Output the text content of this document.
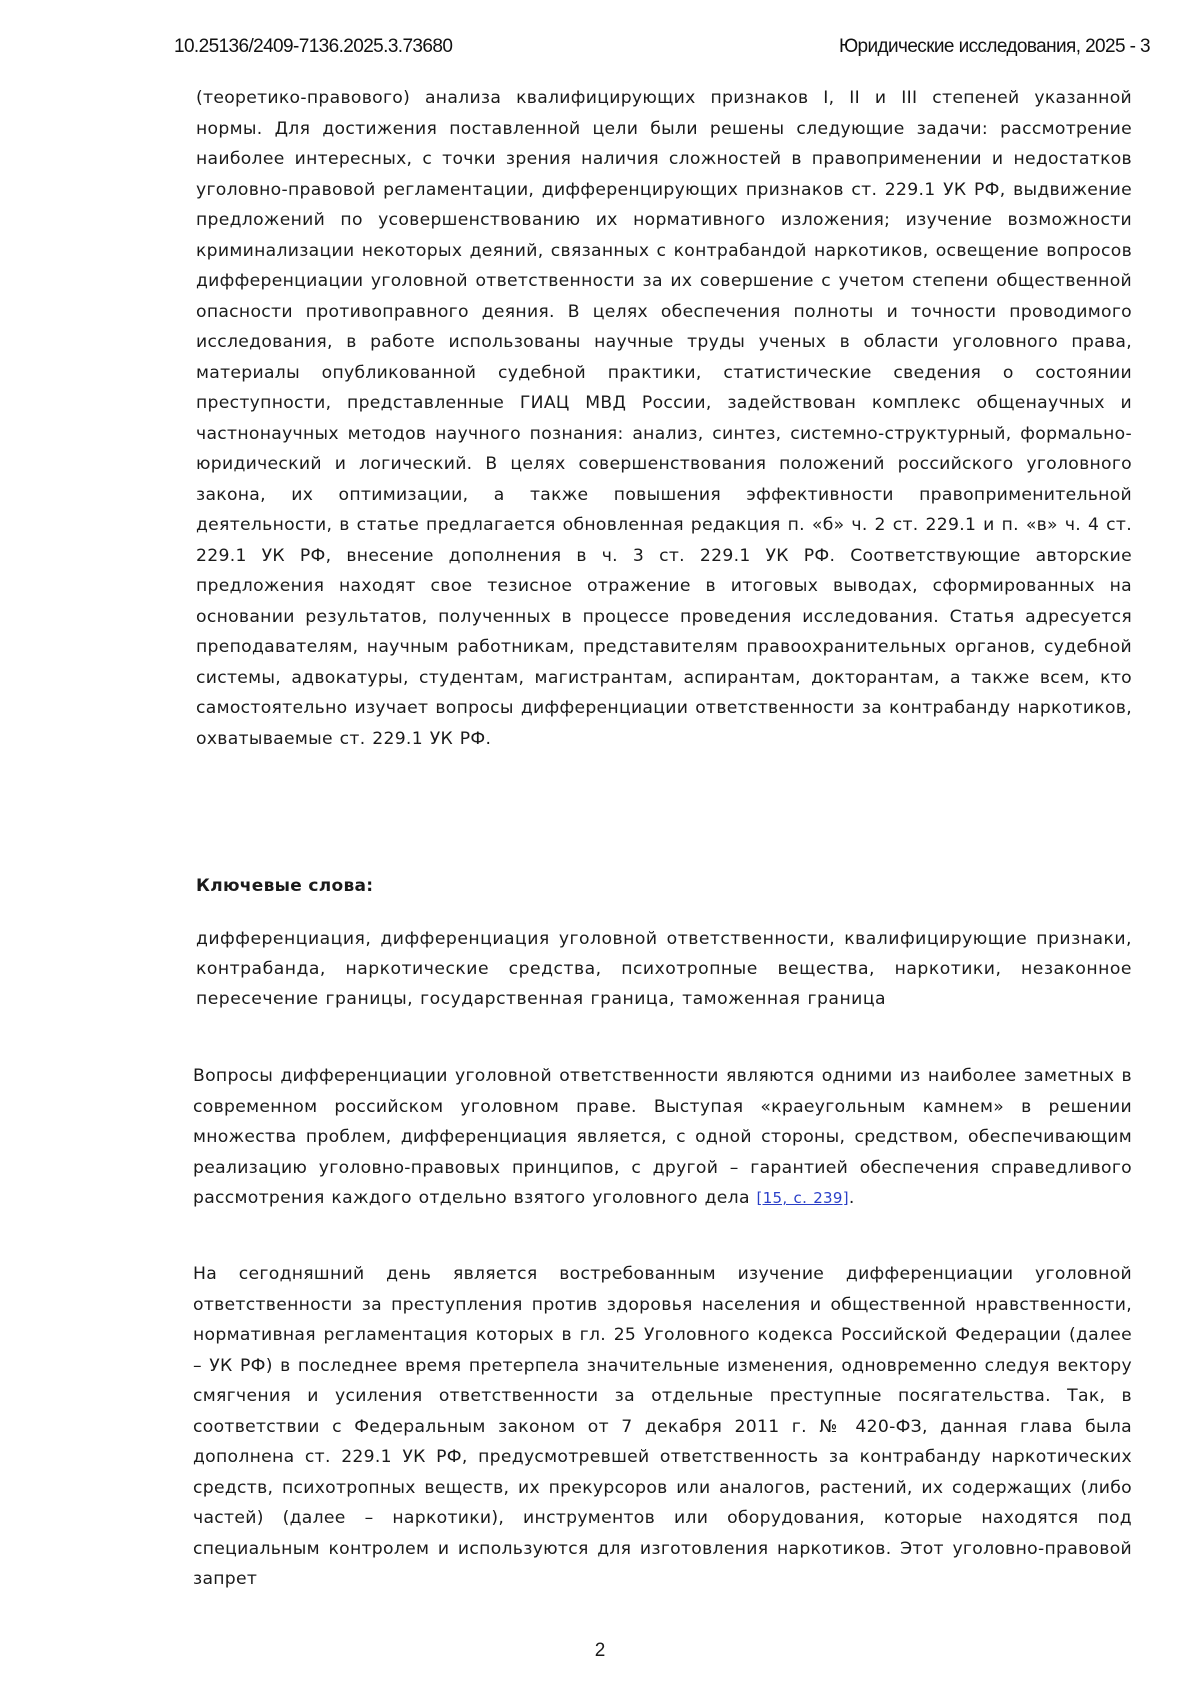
10.25136/2409-7136.2025.3.73680	Юридические исследования, 2025 - 3

(теоретико-правового) анализа квалифицирующих признаков I, II и III степеней указанной нормы. Для достижения поставленной цели были решены следующие задачи: рассмотрение наиболее интересных, с точки зрения наличия сложностей в правоприменении и недостатков уголовно-правовой регламентации, дифференцирующих признаков ст. 229.1 УК РФ, выдвижение предложений по усовершенствованию их нормативного изложения; изучение возможности криминализации некоторых деяний, связанных с контрабандой наркотиков, освещение вопросов дифференциации уголовной ответственности за их совершение с учетом степени общественной опасности противоправного деяния. В целях обеспечения полноты и точности проводимого исследования, в работе использованы научные труды ученых в области уголовного права, материалы опубликованной судебной практики, статистические сведения о состоянии преступности, представленные ГИАЦ МВД России, задействован комплекс общенаучных и частнонаучных методов научного познания: анализ, синтез, системно-структурный, формально-юридический и логический. В целях совершенствования положений российского уголовного закона, их оптимизации, а также повышения эффективности правоприменительной деятельности, в статье предлагается обновленная редакция п. «б» ч. 2 ст. 229.1 и п. «в» ч. 4 ст. 229.1 УК РФ, внесение дополнения в ч. 3 ст. 229.1 УК РФ. Соответствующие авторские предложения находят свое тезисное отражение в итоговых выводах, сформированных на основании результатов, полученных в процессе проведения исследования. Статья адресуется преподавателям, научным работникам, представителям правоохранительных органов, судебной системы, адвокатуры, студентам, магистрантам, аспирантам, докторантам, а также всем, кто самостоятельно изучает вопросы дифференциации ответственности за контрабанду наркотиков, охватываемые ст. 229.1 УК РФ.

Ключевые слова:

дифференциация, дифференциация уголовной ответственности, квалифицирующие признаки, контрабанда, наркотические средства, психотропные вещества, наркотики, незаконное пересечение границы, государственная граница, таможенная граница

Вопросы дифференциации уголовной ответственности являются одними из наиболее заметных в современном российском уголовном праве. Выступая «краеугольным камнем» в решении множества проблем, дифференциация является, с одной стороны, средством, обеспечивающим реализацию уголовно-правовых принципов, с другой – гарантией обеспечения справедливого рассмотрения каждого отдельно взятого уголовного дела [15, с. 239].

На сегодняшний день является востребованным изучение дифференциации уголовной ответственности за преступления против здоровья населения и общественной нравственности, нормативная регламентация которых в гл. 25 Уголовного кодекса Российской Федерации (далее – УК РФ) в последнее время претерпела значительные изменения, одновременно следуя вектору смягчения и усиления ответственности за отдельные преступные посягательства. Так, в соответствии с Федеральным законом от 7 декабря 2011 г. № 420-ФЗ, данная глава была дополнена ст. 229.1 УК РФ, предусмотревшей ответственность за контрабанду наркотических средств, психотропных веществ, их прекурсоров или аналогов, растений, их содержащих (либо частей) (далее – наркотики), инструментов или оборудования, которые находятся под специальным контролем и используются для изготовления наркотиков. Этот уголовно-правовой запрет

2
